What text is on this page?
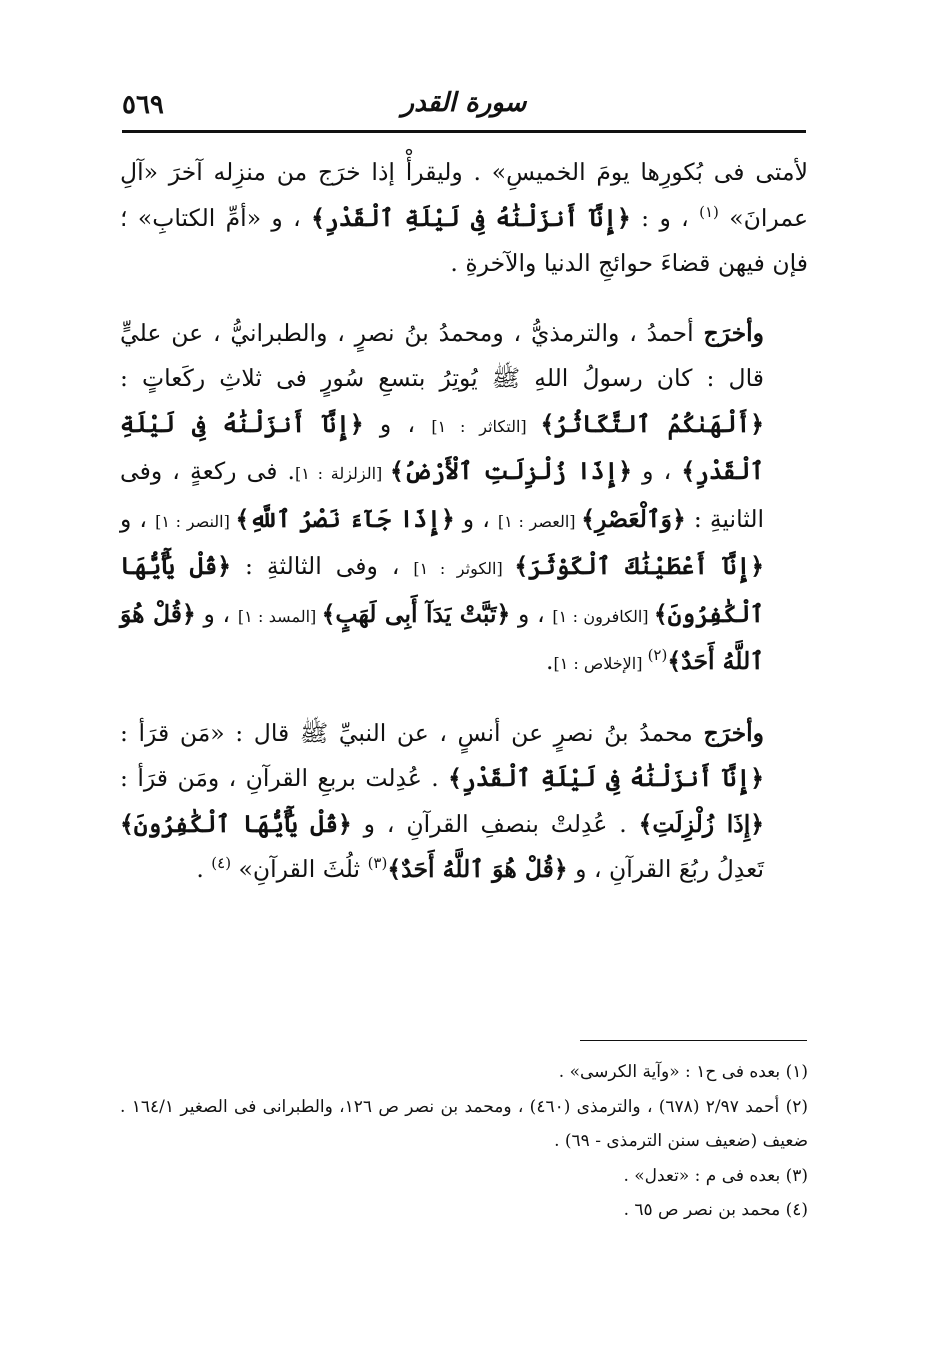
٥٦٩	سورة القدر

لأمتى فى بُكورِها يومَ الخميسِ» . وليقرأْ إذا خرَج من منزِله آخرَ «آلِ عمرانَ» $^{(١)}$ ، و : ﴿إِنَّآ أَنزَلْنَٰهُ فِى لَيْلَةِ ٱلْقَدْرِ﴾ ، و «أمِّ الكتابِ» ؛ فإن فيهن قضاءَ حوائجِ الدنيا والآخرةِ .

وأخرَج أحمدُ ، والترمذيُّ ، ومحمدُ بنُ نصرٍ ، والطبرانيُّ ، عن عليٍّ قال : كان رسولُ اللهِ ﷺ يُوتِرُ بتسعِ سُورٍ فى ثلاثِ ركَعاتٍ : ﴿أَلْهَىٰكُمُ ٱلتَّكَاثُرُ﴾ [التكاثر : ١] ، و ﴿إِنَّآ أَنزَلْنَٰهُ فِى لَيْلَةِ ٱلْقَدْرِ﴾ ، و ﴿إِذَا زُلْزِلَتِ ٱلْأَرْضُ﴾ [الزلزلة : ١]. فى ركعةٍ ، وفى الثانيةِ : ﴿وَٱلْعَصْرِ﴾ [العصر : ١] ، و ﴿إِذَا جَآءَ نَصْرُ ٱللَّهِ﴾ [النصر : ١] ، و ﴿إِنَّآ أَعْطَيْنَٰكَ ٱلْكَوْثَرَ﴾ [الكوثر : ١] ، وفى الثالثةِ : ﴿قُلْ يَٰٓأَيُّهَا ٱلْكَٰفِرُونَ﴾ [الكافرون : ١] ، و ﴿تَبَّتْ يَدَآ أَبِى لَهَبٍ﴾ [المسد : ١] ، و ﴿قُلْ هُوَ ٱللَّهُ أَحَدٌ﴾$^{(٢)}$ [الإخلاص : ١].

وأخرَج محمدُ بنُ نصرٍ عن أنسٍ ، عن النبيِّ ﷺ قال : «مَن قرَأ : ﴿إِنَّآ أَنزَلْنَٰهُ فِى لَيْلَةِ ٱلْقَدْرِ﴾ . عُدِلت بربعِ القرآنِ ، ومَن قرَأ : ﴿إِذَا زُلْزِلَتِ﴾ . عُدِلتْ بنصفِ القرآنِ ، و ﴿قُلْ يَٰٓأَيُّهَا ٱلْكَٰفِرُونَ﴾ تَعدِلُ ربُعَ القرآنِ ، و ﴿قُلْ هُوَ ٱللَّهُ أَحَدٌ﴾$^{(٣)}$ ثلُثَ القرآنِ» $^{(٤)}$ .

(١) بعده فى ح١ : «وآية الكرسى» .

(٢) أحمد ٢/٩٧ (٦٧٨) ، والترمذى (٤٦٠) ، ومحمد بن نصر ص ١٢٦، والطبرانى فى الصغير ١٦٤/١ . ضعيف (ضعيف سنن الترمذى - ٦٩) .

(٣) بعده فى م : «تعدل» .

(٤) محمد بن نصر ص ٦٥ .
